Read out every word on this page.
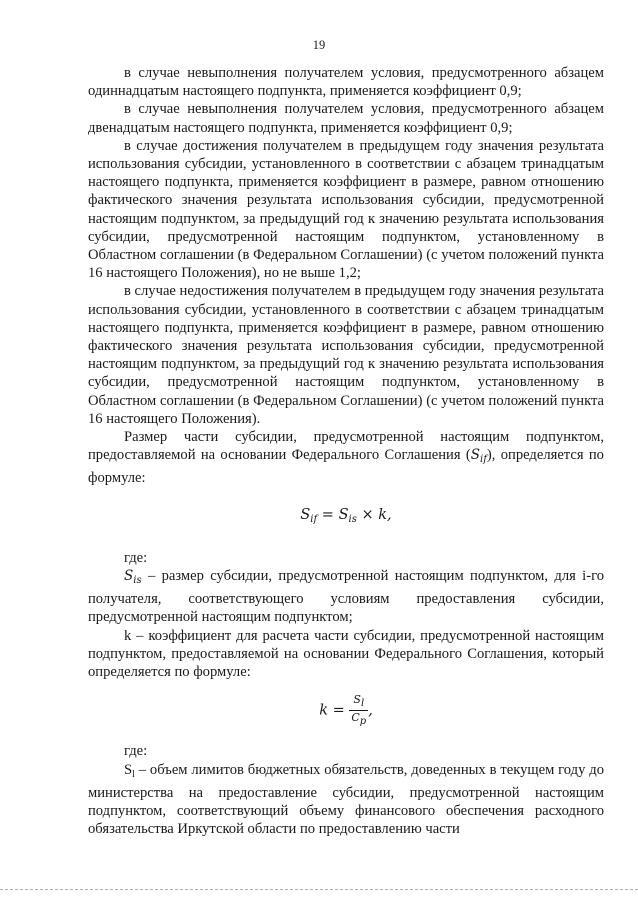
19

в случае невыполнения получателем условия, предусмотренного абзацем одиннадцатым настоящего подпункта, применяется коэффициент 0,9;

в случае невыполнения получателем условия, предусмотренного абзацем двенадцатым настоящего подпункта, применяется коэффициент 0,9;

в случае достижения получателем в предыдущем году значения результата использования субсидии, установленного в соответствии с абзацем тринадцатым настоящего подпункта, применяется коэффициент в размере, равном отношению фактического значения результата использования субсидии, предусмотренной настоящим подпунктом, за предыдущий год к значению результата использования субсидии, предусмотренной настоящим подпунктом, установленному в Областном соглашении (в Федеральном Соглашении) (с учетом положений пункта 16 настоящего Положения), но не выше 1,2;

в случае недостижения получателем в предыдущем году значения результата использования субсидии, установленного в соответствии с абзацем тринадцатым настоящего подпункта, применяется коэффициент в размере, равном отношению фактического значения результата использования субсидии, предусмотренной настоящим подпунктом, за предыдущий год к значению результата использования субсидии, предусмотренной настоящим подпунктом, установленному в Областном соглашении (в Федеральном Соглашении) (с учетом положений пункта 16 настоящего Положения).

Размер части субсидии, предусмотренной настоящим подпунктом, предоставляемой на основании Федерального Соглашения $(S_{if})$, определяется по формуле:

$S_{if} = S_{is} \times k$,

где:

$S_{is}$ – размер субсидии, предусмотренной настоящим подпунктом, для i-го получателя, соответствующего условиям предоставления субсидии, предусмотренной настоящим подпунктом;

k – коэффициент для расчета части субсидии, предусмотренной настоящим подпунктом, предоставляемой на основании Федерального Соглашения, который определяется по формуле:

$k = \frac{Sl}{Cp}$ ,

где:

$S_l$ – объем лимитов бюджетных обязательств, доведенных в текущем году до министерства на предоставление субсидии, предусмотренной настоящим подпунктом, соответствующий объему финансового обеспечения расходного обязательства Иркутской области по предоставлению части
